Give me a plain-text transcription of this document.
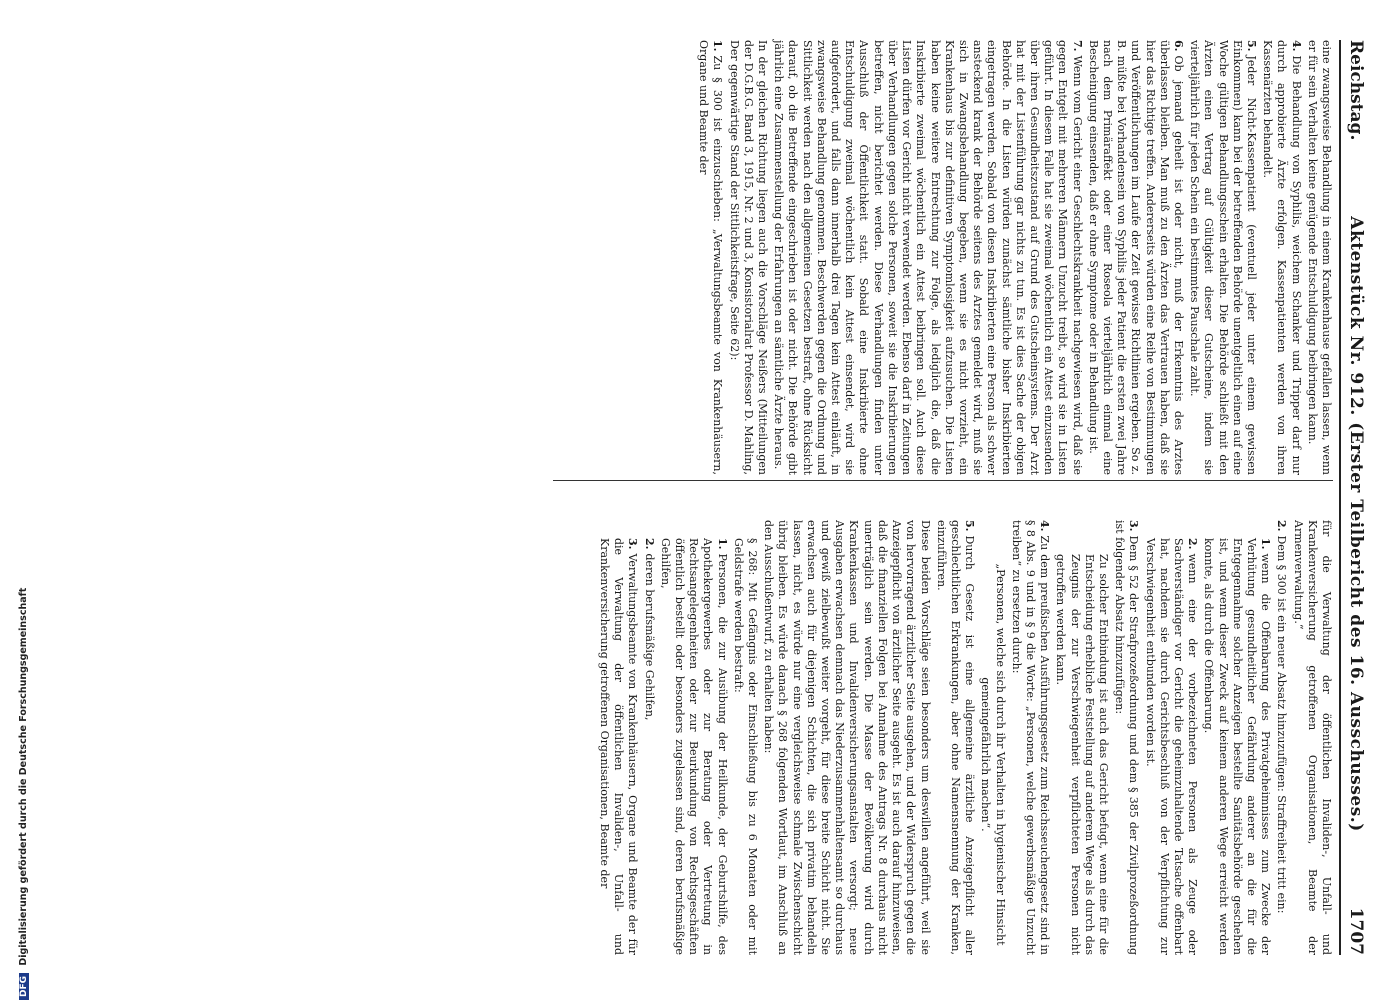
Reichstag.
Aktenstück Nr. 912. (Erster Teilbericht des 16. Ausschusses.)
1707

eine zwangsweise Behandlung in einem Krankenhause gefallen lassen, wenn er für sein Verhalten keine genügende Entschuldigung beibringen kann.

4.Die Behandlung von Syphilis, weichem Schanker und Tripper darf nur durch approbierte Ärzte erfolgen. Kassenpatienten werden von ihren Kassenärzten behandelt.

5.Jeder Nicht-Kassenpatient (eventuell jeder unter einem gewissen Einkommen) kann bei der betreffenden Behörde unentgeltlich einen auf eine Woche gültigen Behandlungsschein erhalten. Die Behörde schließt mit den Ärzten einen Vertrag auf Gültigkeit dieser Gutscheine, indem sie vierteljährlich für jeden Schein ein bestimmtes Pauschale zahlt.

6.Ob jemand geheilt ist oder nicht, muß der Erkenntnis des Arztes überlassen bleiben. Man muß zu den Ärzten das Vertrauen haben, daß sie hier das Richtige treffen. Andererseits würden eine Reihe von Bestimmungen und Veröffentlichungen im Laufe der Zeit gewisse Richtlinien ergeben. So z. B. müßte bei Vorhandensein von Syphilis jeder Patient die ersten zwei Jahre nach dem Primäraffekt oder einer Roseola vierteljährlich einmal eine Bescheinigung einsenden, daß er ohne Symptome oder in Behandlung ist.

7.Wenn vom Gericht einer Geschlechtskrankheit nachgewiesen wird, daß sie gegen Entgelt mit mehreren Männern Unzucht treibt, so wird sie in Listen geführt. In diesem Falle hat sie zweimal wöchentlich ein Attest einzusenden über ihren Gesundheitszustand auf Grund des Gutscheinsystems. Der Arzt hat mit der Listenführung gar nichts zu tun. Es ist dies Sache der obigen Behörde. In die Listen würden zunächst sämtliche bisher Inskribierten eingetragen werden. Sobald von diesen Inskribierten eine Person als schwer ansteckend krank der Behörde seitens des Arztes gemeldet wird, muß sie sich in Zwangsbehandlung begeben, wenn sie es nicht vorzieht, ein Krankenhaus bis zur definitiven Symptomlosigkeit aufzusuchen. Die Listen haben keine weitere Entrechtung zur Folge, als lediglich die, daß die Inskribierte zweimal wöchentlich ein Attest beibringen soll. Auch diese Listen dürfen vor Gericht nicht verwendet werden. Ebenso darf in Zeitungen über Verhandlungen gegen solche Personen, soweit sie die Inskribierungen betreffen, nicht berichtet werden. Diese Verhandlungen finden unter Ausschluß der Öffentlichkeit statt. Sobald eine Inskribierte ohne Entschuldigung zweimal wöchentlich kein Attest einsendet, wird sie aufgefordert, und falls dann innerhalb drei Tagen kein Attest einläuft, in zwangsweise Behandlung genommen. Beschwerden gegen die Ordnung und Sittlichkeit werden nach den allgemeinen Gesetzen bestraft, ohne Rücksicht darauf, ob die Betreffende eingeschrieben ist oder nicht. Die Behörde gibt jährlich eine Zusammenstellung der Erfahrungen an sämtliche Ärzte heraus.

In der gleichen Richtung liegen auch die Vorschläge Neißers (Mitteilungen der D.G.B.G. Band 3, 1915, Nr. 2 und 3, Konsistorialrat Professor D. Mahling, Der gegenwärtige Stand der Sittlichkeitsfrage, Seite 62):

1.Zu § 300 ist einzuschieben: „Verwaltungsbeamte von Krankenhäusern, Organe und Beamte der

für die Verwaltung der öffentlichen Invaliden-, Unfall- und Krankenversicherung getroffenen Organisationen, Beamte der Armenverwaltung.“

2.Dem § 300 ist ein neuer Absatz hinzuzufügen: Straffreiheit tritt ein:

1.wenn die Offenbarung des Privatgeheimnisses zum Zwecke der Verhütung gesundheitlicher Gefährdung anderer an die für die Entgegennahme solcher Anzeigen bestellte Sanitätsbehörde geschehen ist, und wenn dieser Zweck auf keinem anderen Wege erreicht werden konnte, als durch die Offenbarung.

2.wenn eine der vorbezeichneten Personen als Zeuge oder Sachverständiger vor Gericht die geheimzuhaltende Tatsache offenbart hat, nachdem sie durch Gerichtsbeschluß von der Verpflichtung zur Verschwiegenheit entbunden worden ist.

3.Dem § 52 der Strafprozeßordnung und dem § 385 der Zivilprozeßordnung ist folgender Absatz hinzuzufügen:

Zu solcher Entbindung ist auch das Gericht befugt, wenn eine für die Entscheidung erhebliche Feststellung auf anderem Wege als durch das Zeugnis der zur Verschwiegenheit verpflichteten Personen nicht getroffen werden kann.

4.Zu dem preußischen Ausführungsgesetz zum Reichsseuchengesetz sind in § 8 Abs. 9 und in § 9 die Worte: „Personen, welche gewerbsmäßige Unzucht treiben“ zu ersetzen durch:

„Personen, welche sich durch ihr Verhalten in hygienischer Hinsicht gemeingefährlich machen“.

5.Durch Gesetz ist eine allgemeine ärztliche Anzeigepflicht aller geschlechtlichen Erkrankungen, aber ohne Namensnennung der Kranken, einzuführen.

Diese beiden Vorschläge seien besonders um deswillen angeführt, weil sie von hervorragend ärztlicher Seite ausgehen, und der Widerspruch gegen die Anzeigepflicht von ärztlicher Seite ausgeht. Es ist auch darauf hinzuweisen, daß die finanziellen Folgen bei Annahme des Antrags Nr. 8 durchaus nicht unerträglich sein werden. Die Masse der Bevölkerung wird durch Krankenkassen und Invalidenversicherungsanstalten versorgt; neue Ausgaben erwachsen demnach das Niederzusammenhaltensamt so durchaus und gewiß zielbewußt weiter vorgeht, für diese breite Schicht nicht. Sie erwachsen auch für diejenigen Schichten, die sich privatim behandeln lassen, nicht, es würde nur eine vergleichsweise schmale Zwischenschicht übrig bleiben. Es würde danach § 268 folgenden Wortlaut, im Anschluß an den Ausschußentwurf, zu erhalten haben:

§ 268: Mit Gefängnis oder Einschließung bis zu 6 Monaten oder mit Geldstrafe werden bestraft:

1.Personen, die zur Ausübung der Heilkunde, der Geburtshilfe, des Apothekergewerbes oder zur Beratung oder Vertretung in Rechtsangelegenheiten oder zur Beurkundung von Rechtsgeschäften öffentlich bestellt oder besonders zugelassen sind, deren berufsmäßige Gehilfen,

2.deren berufsmäßige Gehilfen,

3.Verwaltungsbeamte von Krankenhäusern, Organe und Beamte der für die Verwaltung der öffentlichen Invaliden-, Unfall- und Krankenversicherung getroffenen Organisationen, Beamte der

DFG Digitalisierung gefördert durch die Deutsche Forschungsgemeinschaft
